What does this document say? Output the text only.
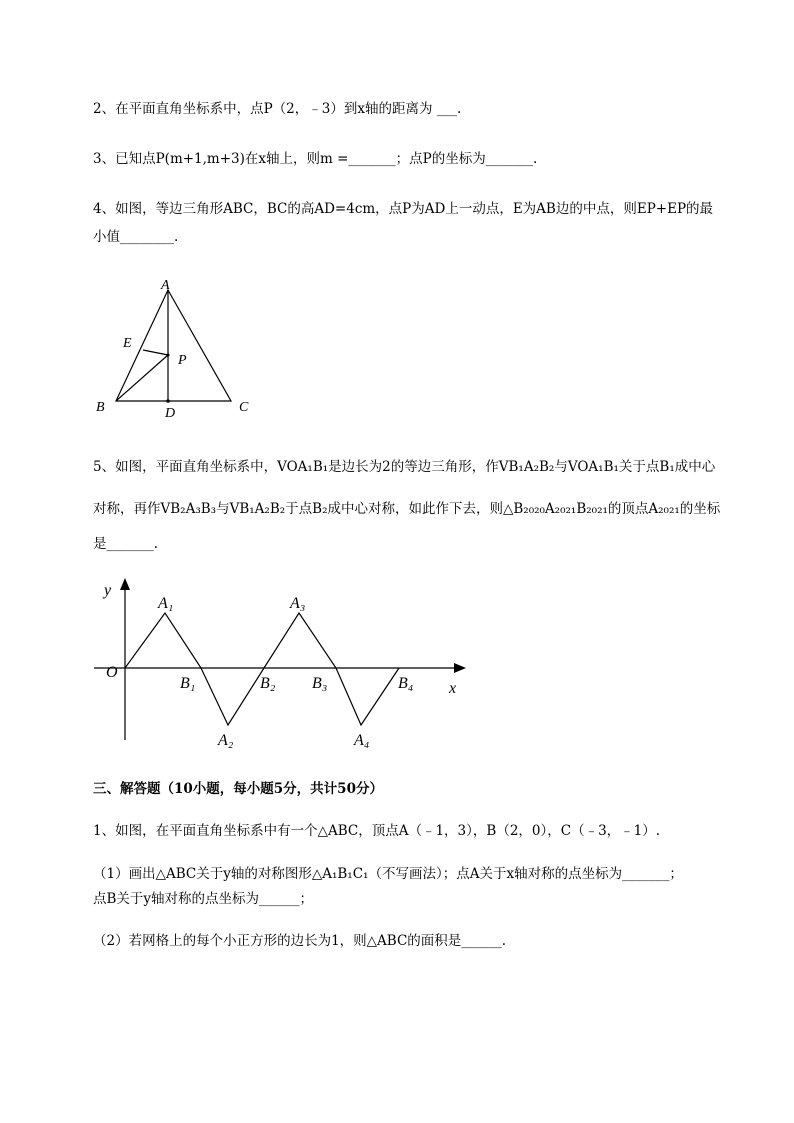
2、在平面直角坐标系中，点P（2，﹣3）到x轴的距离为 ___.
3、已知点P(m+1,m+3)在x轴上，则m =_______；点P的坐标为_______.
4、如图，等边三角形ABC，BC的高AD=4cm，点P为AD上一动点，E为AB边的中点，则EP+EP的最
小值________.
A
B	C
D
E
P
5、如图，平面直角坐标系中，VOA₁B₁是边长为2的等边三角形，作VB₁A₂B₂与VOA₁B₁关于点B₁成中心
对称，再作VB₂A₃B₃与VB₁A₂B₂于点B₂成中心对称，如此作下去，则△B₂₀₂₀A₂₀₂₁B₂₀₂₁的顶点A₂₀₂₁的坐标
是_______.
y
x
O
A₁	A₃
B₁	B₂ B₃	B₄
A₂	A₄
三、解答题（10小题，每小题5分，共计50分）
1、如图，在平面直角坐标系中有一个△ABC，顶点A（﹣1，3），B（2，0），C（﹣3，﹣1）.
（1）画出△ABC关于y轴的对称图形△A₁B₁C₁（不写画法）；点A关于x轴对称的点坐标为_______；
点B关于y轴对称的点坐标为______；
（2）若网格上的每个小正方形的边长为1，则△ABC的面积是______.
